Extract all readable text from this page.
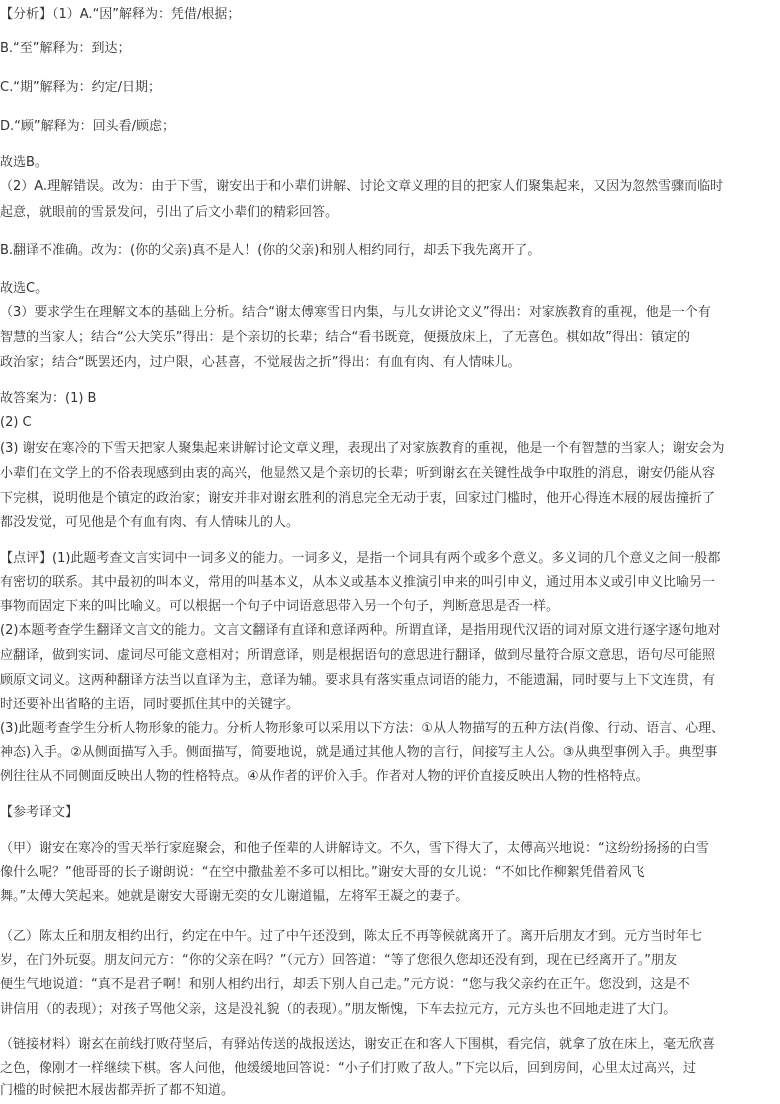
【分析】（1）A.“因”解释为：凭借/根据；
B.“至”解释为：到达；
C.“期”解释为：约定/日期；
D.“顾”解释为：回头看/顾虑；
故选B。
（2）A.理解错误。改为：由于下雪，谢安出于和小辈们讲解、讨论文章义理的目的把家人们聚集起来，又因为忽然雪骤而临时
起意，就眼前的雪景发问，引出了后文小辈们的精彩回答。
B.翻译不准确。改为：(你的父亲)真不是人！(你的父亲)和别人相约同行，却丢下我先离开了。
故选C。
（3）要求学生在理解文本的基础上分析。结合“谢太傅寒雪日内集，与儿女讲论文义”得出：对家族教育的重视，他是一个有
智慧的当家人；结合“公大笑乐”得出：是个亲切的长辈；结合“看书既竟，便摄放床上，了无喜色。棋如故”得出：镇定的
政治家；结合“既罢还内，过户限，心甚喜，不觉屐齿之折”得出：有血有肉、有人情味儿。
故答案为：(1) B
(2) C
(3) 谢安在寒冷的下雪天把家人聚集起来讲解讨论文章义理，表现出了对家族教育的重视，他是一个有智慧的当家人；谢安会为
小辈们在文学上的不俗表现感到由衷的高兴，他显然又是个亲切的长辈；听到谢玄在关键性战争中取胜的消息，谢安仍能从容
下完棋，说明他是个镇定的政治家；谢安并非对谢玄胜利的消息完全无动于衷，回家过门槛时，他开心得连木屐的屐齿撞折了
都没发觉，可见他是个有血有肉、有人情味儿的人。
【点评】(1)此题考查文言实词中一词多义的能力。一词多义，是指一个词具有两个或多个意义。多义词的几个意义之间一般都
有密切的联系。其中最初的叫本义，常用的叫基本义，从本义或基本义推演引申来的叫引申义，通过用本义或引申义比喻另一
事物而固定下来的叫比喻义。可以根据一个句子中词语意思带入另一个句子，判断意思是否一样。
(2)本题考查学生翻译文言文的能力。文言文翻译有直译和意译两种。所谓直译，是指用现代汉语的词对原文进行逐字逐句地对
应翻译，做到实词、虚词尽可能文意相对；所谓意译，则是根据语句的意思进行翻译，做到尽量符合原文意思，语句尽可能照
顾原文词义。这两种翻译方法当以直译为主，意译为辅。要求具有落实重点词语的能力，不能遗漏，同时要与上下文连贯，有
时还要补出省略的主语，同时要抓住其中的关键字。
(3)此题考查学生分析人物形象的能力。分析人物形象可以采用以下方法：①从人物描写的五种方法(肖像、行动、语言、心理、
神态)入手。②从侧面描写入手。侧面描写，简要地说，就是通过其他人物的言行，间接写主人公。③从典型事例入手。典型事
例往往从不同侧面反映出人物的性格特点。④从作者的评价入手。作者对人物的评价直接反映出人物的性格特点。
【参考译文】
（甲）谢安在寒冷的雪天举行家庭聚会，和他子侄辈的人讲解诗文。不久，雪下得大了，太傅高兴地说：“这纷纷扬扬的白雪
像什么呢？”他哥哥的长子谢朗说：“在空中撒盐差不多可以相比。”谢安大哥的女儿说：“不如比作柳絮凭借着风飞
舞。”太傅大笑起来。她就是谢安大哥谢无奕的女儿谢道韫，左将军王凝之的妻子。
（乙）陈太丘和朋友相约出行，约定在中午。过了中午还没到，陈太丘不再等候就离开了。离开后朋友才到。元方当时年七
岁，在门外玩耍。朋友问元方：“你的父亲在吗？”（元方）回答道：“等了您很久您却还没有到，现在已经离开了。”朋友
便生气地说道：“真不是君子啊！和别人相约出行，却丢下别人自己走。”元方说：“您与我父亲约在正午。您没到，这是不
讲信用（的表现）；对孩子骂他父亲，这是没礼貌（的表现）。”朋友惭愧，下车去拉元方，元方头也不回地走进了大门。
（链接材料）谢玄在前线打败苻坚后，有驿站传送的战报送达，谢安正在和客人下围棋，看完信，就拿了放在床上，毫无欣喜
之色，像刚才一样继续下棋。客人问他，他缓缓地回答说：“小子们打败了敌人。”下完以后，回到房间，心里太过高兴，过
门槛的时候把木屐齿都弄折了都不知道。
